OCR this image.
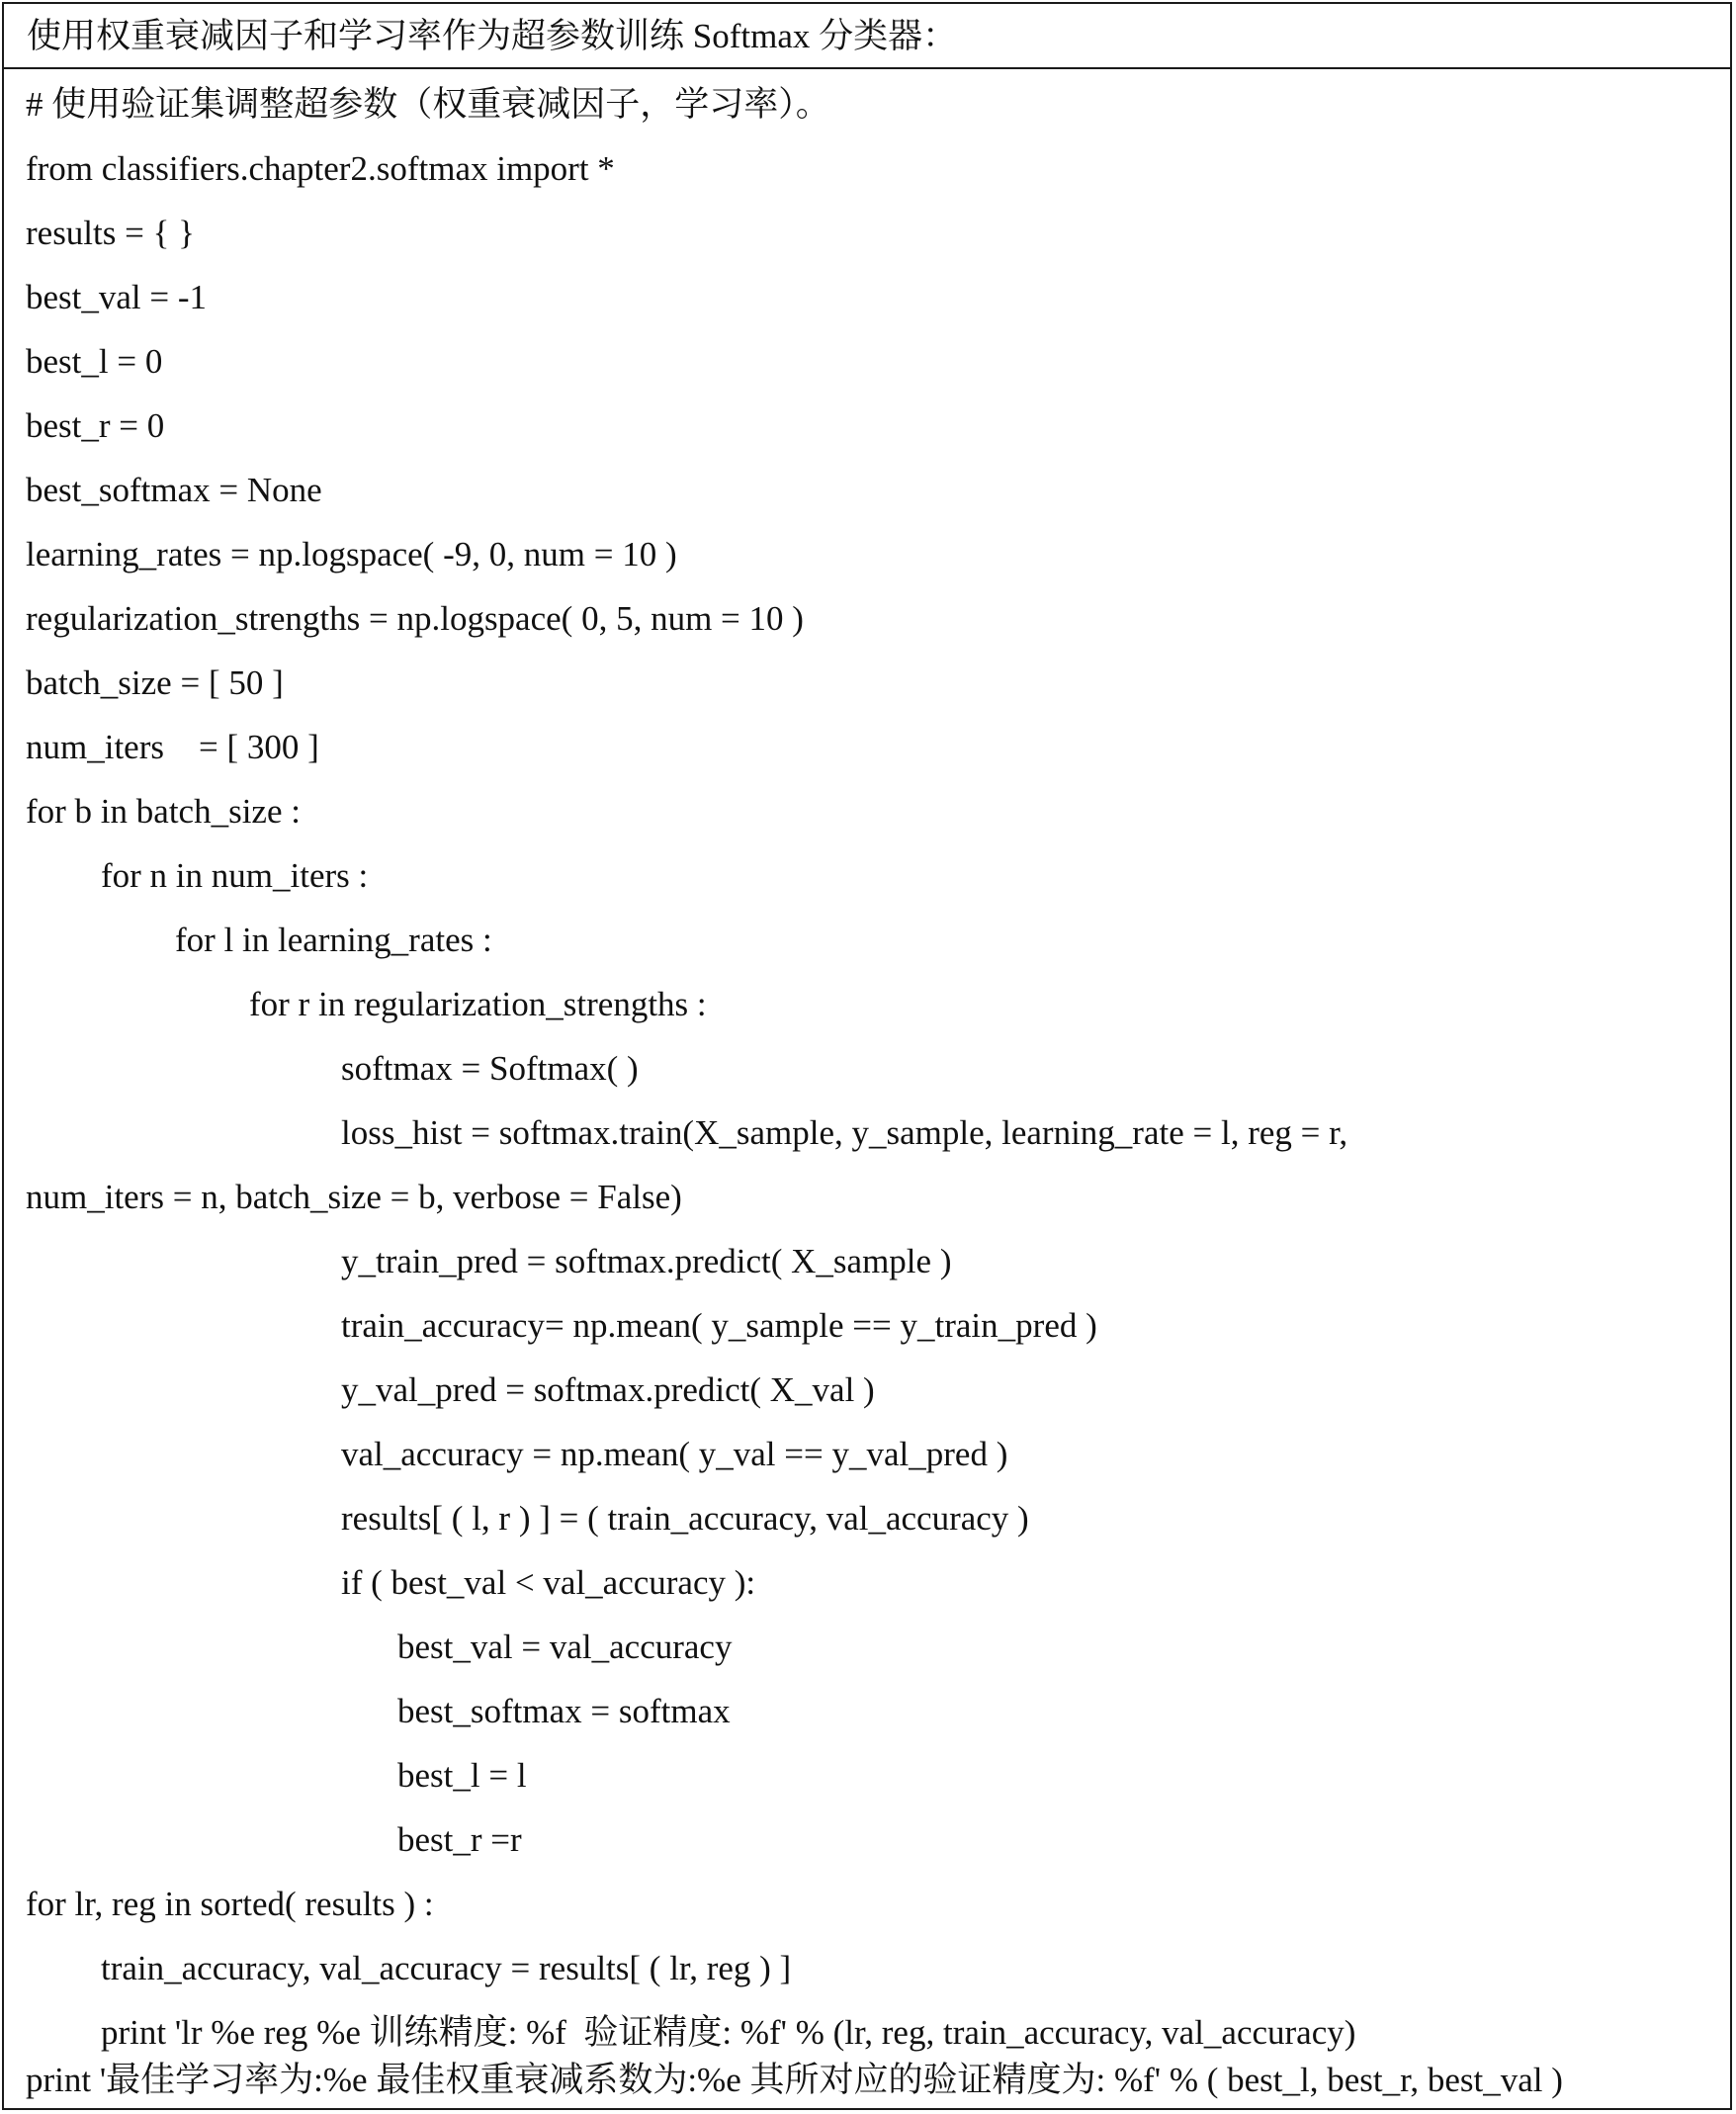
使用权重衰减因子和学习率作为超参数训练 Softmax 分类器：
# 使用验证集调整超参数（权重衰减因子，学习率）。
from classifiers.chapter2.softmax import *
results = { }
best_val = -1
best_l = 0
best_r = 0
best_softmax = None
learning_rates = np.logspace( -9, 0, num = 10 )
regularization_strengths = np.logspace( 0, 5, num = 10 )
batch_size = [ 50 ]
num_iters    = [ 300 ]
for b in batch_size :
for n in num_iters :
for l in learning_rates :
for r in regularization_strengths :
softmax = Softmax( )
loss_hist = softmax.train(X_sample, y_sample, learning_rate = l, reg = r,
num_iters = n, batch_size = b, verbose = False)
y_train_pred = softmax.predict( X_sample )
train_accuracy= np.mean( y_sample == y_train_pred )
y_val_pred = softmax.predict( X_val )
val_accuracy = np.mean( y_val == y_val_pred )
results[ ( l, r ) ] = ( train_accuracy, val_accuracy )
if ( best_val < val_accuracy ):
best_val = val_accuracy
best_softmax = softmax
best_l = l
best_r =r
for lr, reg in sorted( results ) :
train_accuracy, val_accuracy = results[ ( lr, reg ) ]
print 'lr %e reg %e 训练精度: %f  验证精度: %f' % (lr, reg, train_accuracy, val_accuracy)
print '最佳学习率为:%e 最佳权重衰减系数为:%e 其所对应的验证精度为: %f' % ( best_l, best_r, best_val )
